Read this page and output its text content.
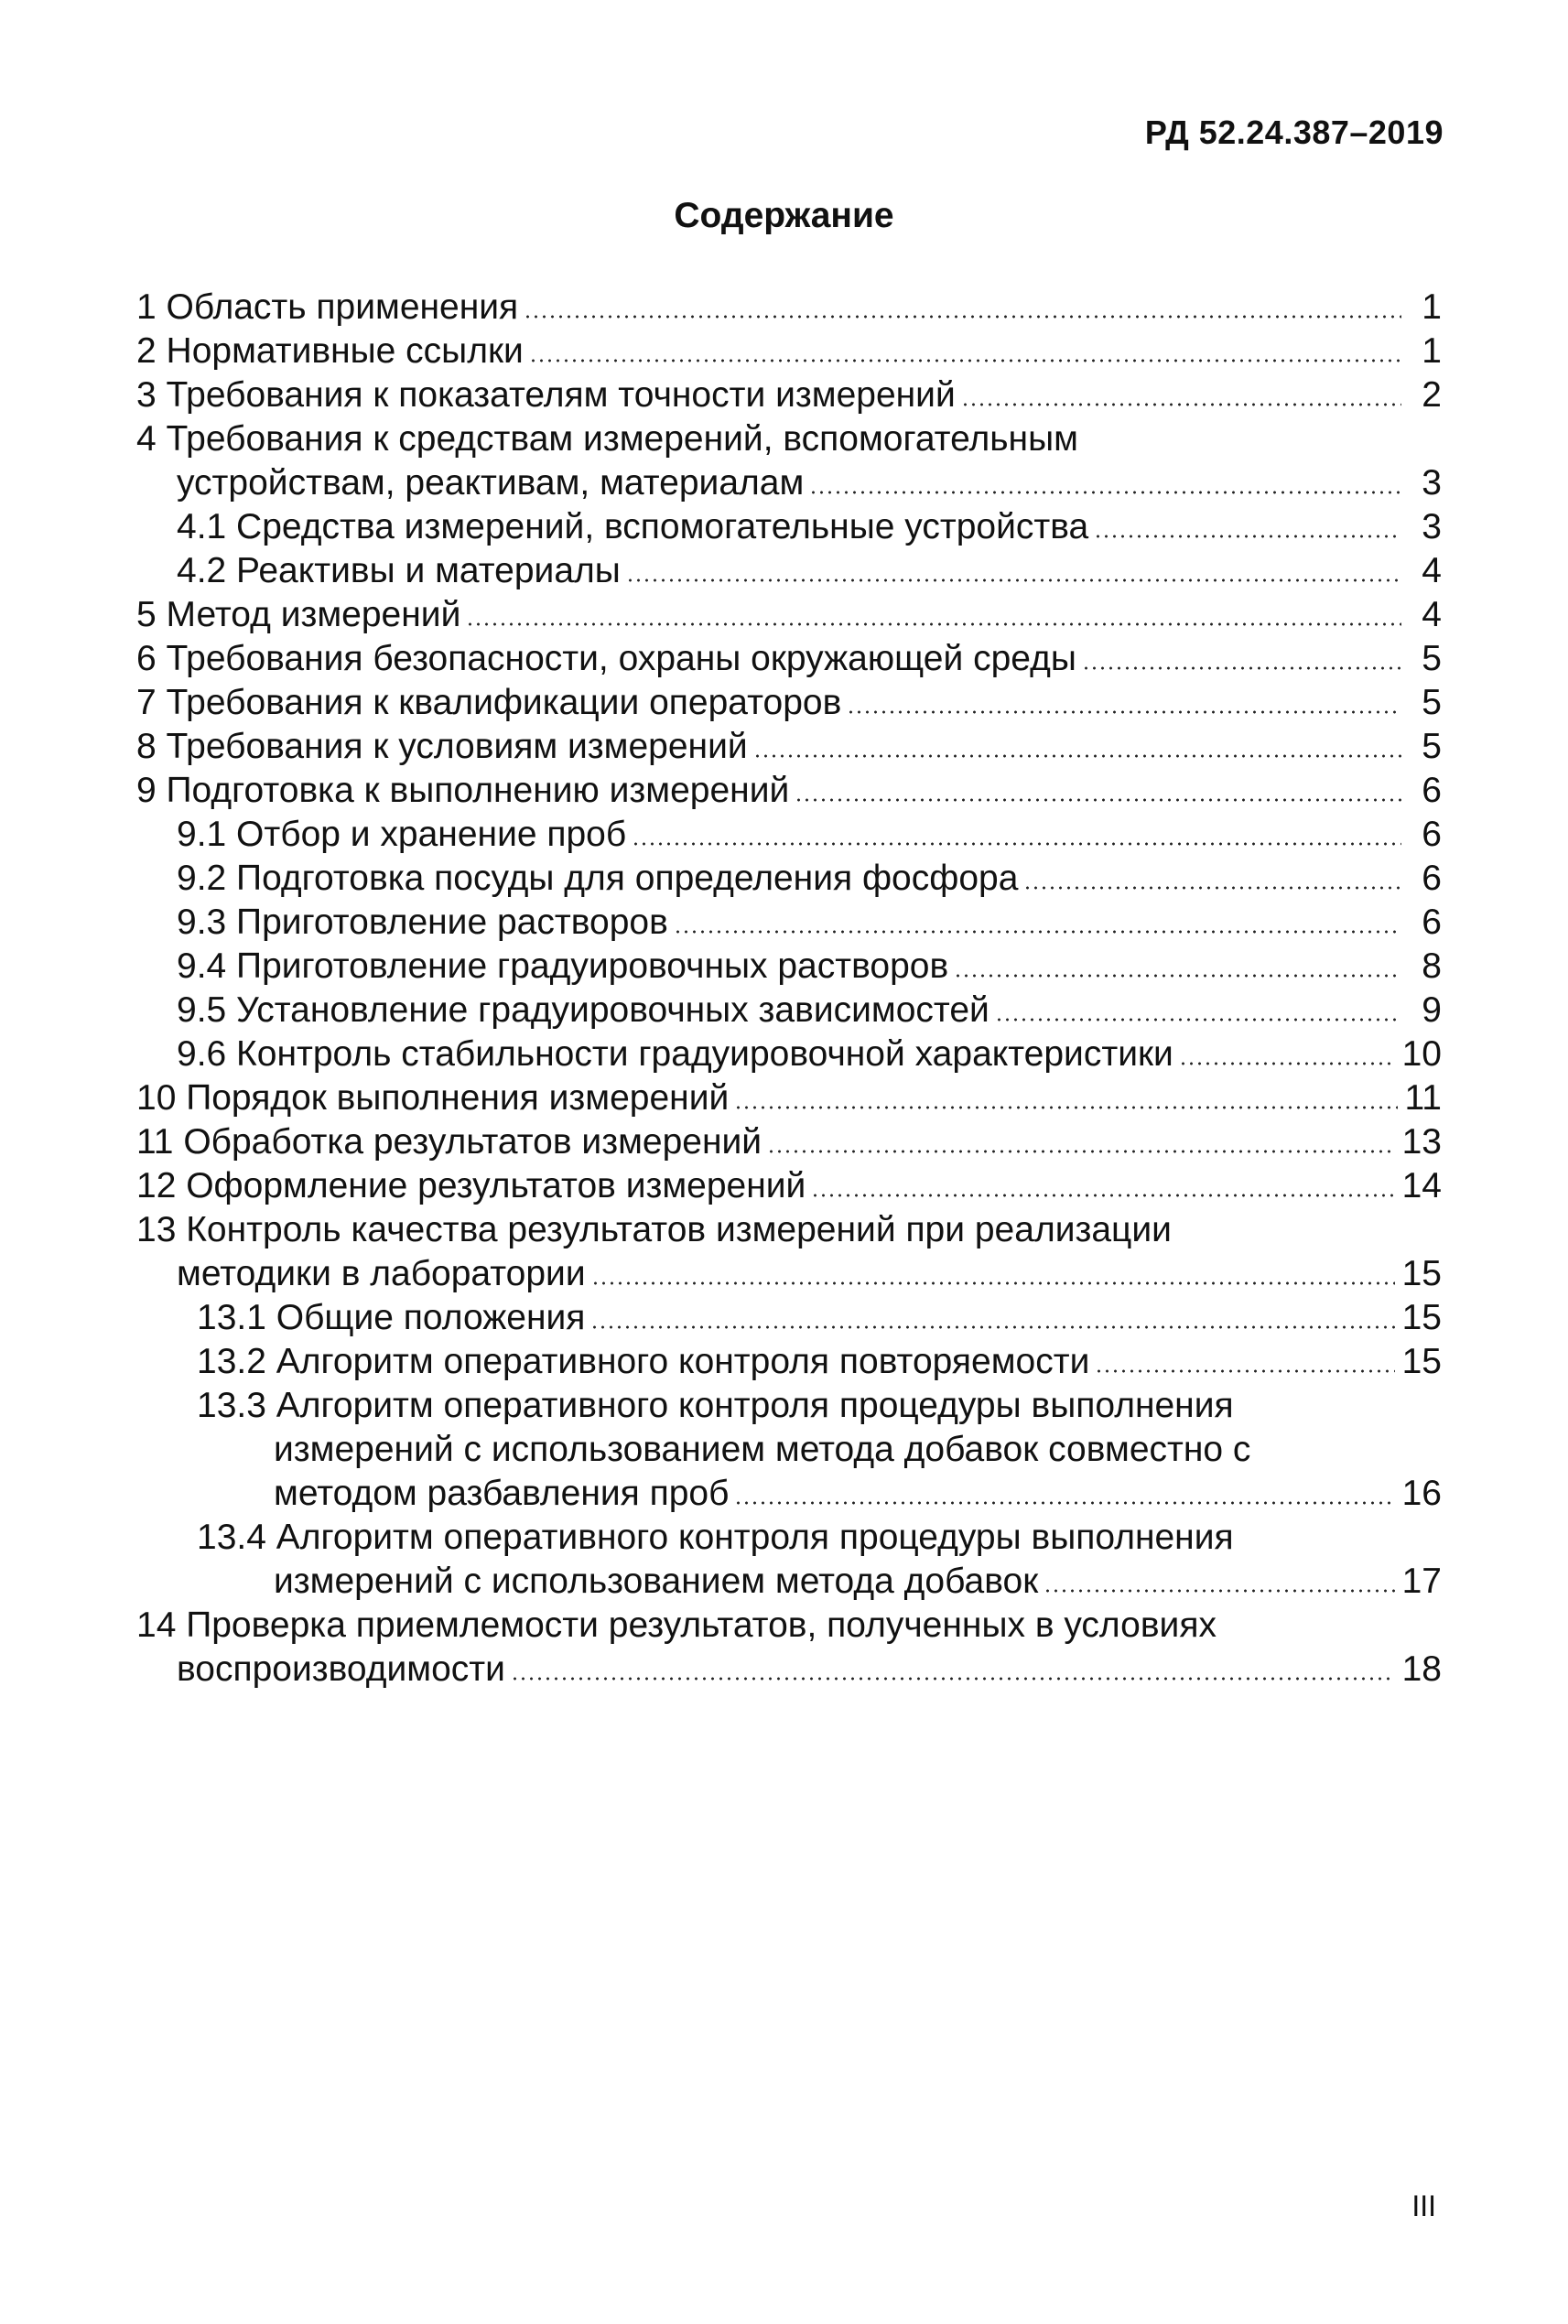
РД 52.24.387–2019
Содержание
1 Область применения	1
2 Нормативные ссылки	1
3 Требования к показателям точности измерений	2
4 Требования к средствам измерений, вспомогательным
устройствам, реактивам, материалам	3
4.1 Средства измерений, вспомогательные устройства	3
4.2 Реактивы и материалы	4
5 Метод измерений	4
6 Требования безопасности, охраны окружающей среды	5
7 Требования к квалификации операторов	5
8 Требования к условиям измерений	5
9 Подготовка к выполнению измерений	6
9.1 Отбор и хранение проб	6
9.2 Подготовка посуды для определения фосфора	6
9.3 Приготовление растворов	6
9.4 Приготовление градуировочных растворов	8
9.5 Установление градуировочных зависимостей	9
9.6 Контроль стабильности градуировочной характеристики	10
10 Порядок выполнения измерений	11
11 Обработка результатов измерений	13
12 Оформление результатов измерений	14
13 Контроль качества результатов измерений при реализации
методики в лаборатории	15
13.1 Общие положения	15
13.2 Алгоритм оперативного контроля повторяемости	15
13.3 Алгоритм оперативного контроля процедуры выполнения
измерений с использованием метода добавок совместно с
методом разбавления проб	16
13.4 Алгоритм оперативного контроля процедуры выполнения
измерений с использованием метода добавок	17
14 Проверка приемлемости результатов, полученных в условиях
воспроизводимости	18
III
